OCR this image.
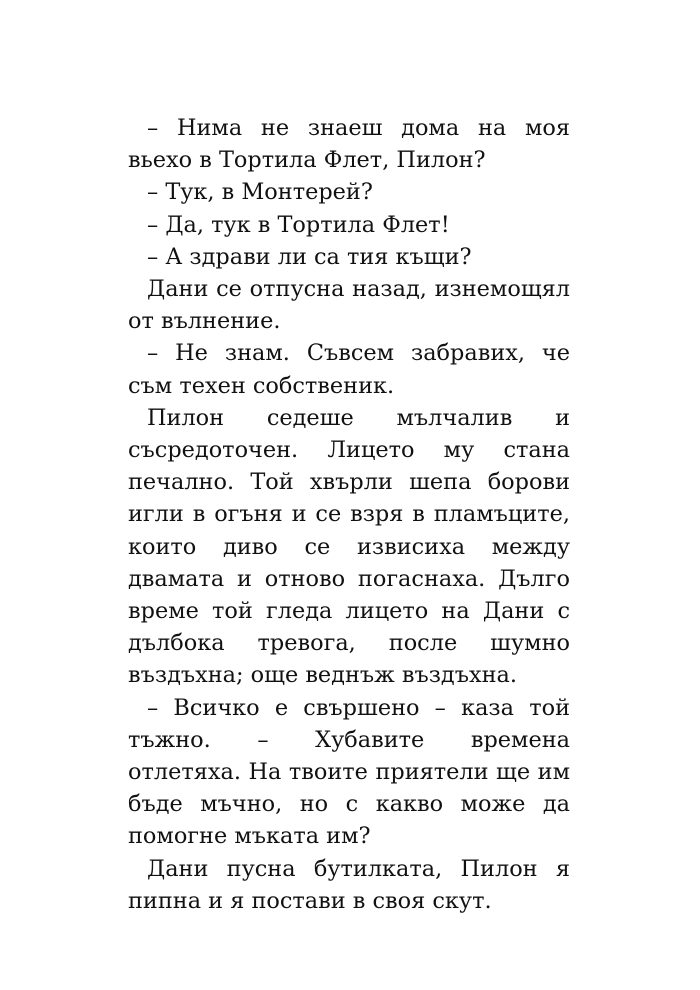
– Нима не знаеш дома на моя вьехо в Тортила Флет, Пилон?

– Тук, в Монтерей?

– Да, тук в Тортила Флет!

– А здрави ли са тия къщи?

Дани се отпусна назад, изнемощял от вълнение.

– Не знам. Съвсем забравих, че съм техен собственик.

Пилон седеше мълчалив и съсредоточен. Лицето му стана печално. Той хвърли шепа борови игли в огъня и се взря в пламъците, които диво се извисиха между двамата и отново погаснаха. Дълго време той гледа лицето на Дани с дълбока тревога, после шумно въздъхна; още веднъж въздъхна.

– Всичко е свършено – каза той тъжно. – Хубавите времена отлетяха. На твоите приятели ще им бъде мъчно, но с какво може да помогне мъката им?

Дани пусна бутилката, Пилон я пипна и я постави в своя скут.
